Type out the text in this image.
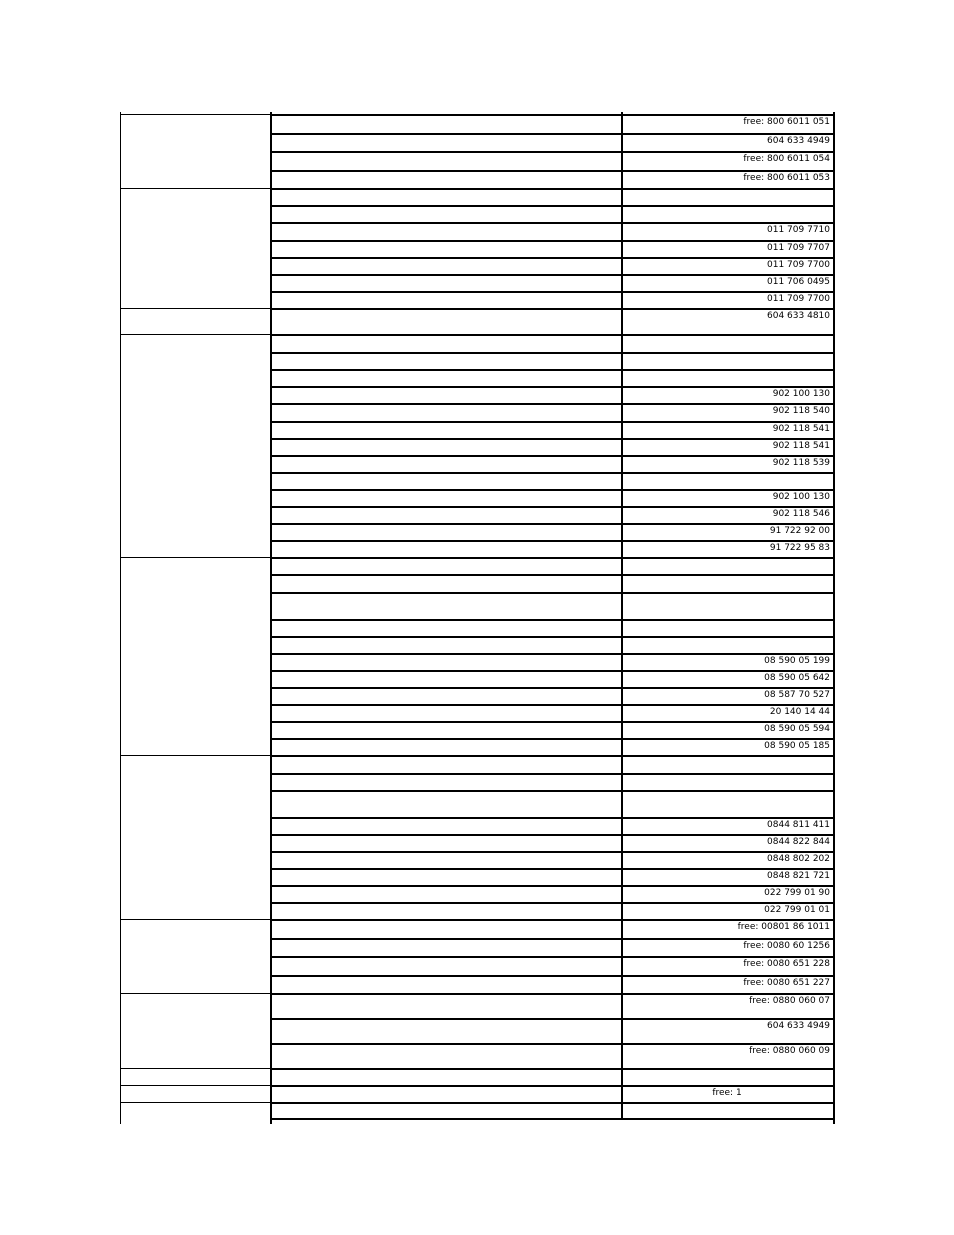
free: 800 6011 051
604 633 4949
free: 800 6011 054
free: 800 6011 053
011 709 7710
011 709 7707
011 709 7700
011 706 0495
011 709 7700
604 633 4810
902 100 130
902 118 540
902 118 541
902 118 541
902 118 539
902 100 130
902 118 546
91 722 92 00
91 722 95 83
08 590 05 199
08 590 05 642
08 587 70 527
20 140 14 44
08 590 05 594
08 590 05 185
0844 811 411
0844 822 844
0848 802 202
0848 821 721
022 799 01 90
022 799 01 01
free: 00801 86 1011
free: 0080 60 1256
free: 0080 651 228
free: 0080 651 227
free: 0880 060 07
604 633 4949
free: 0880 060 09
free: 1
